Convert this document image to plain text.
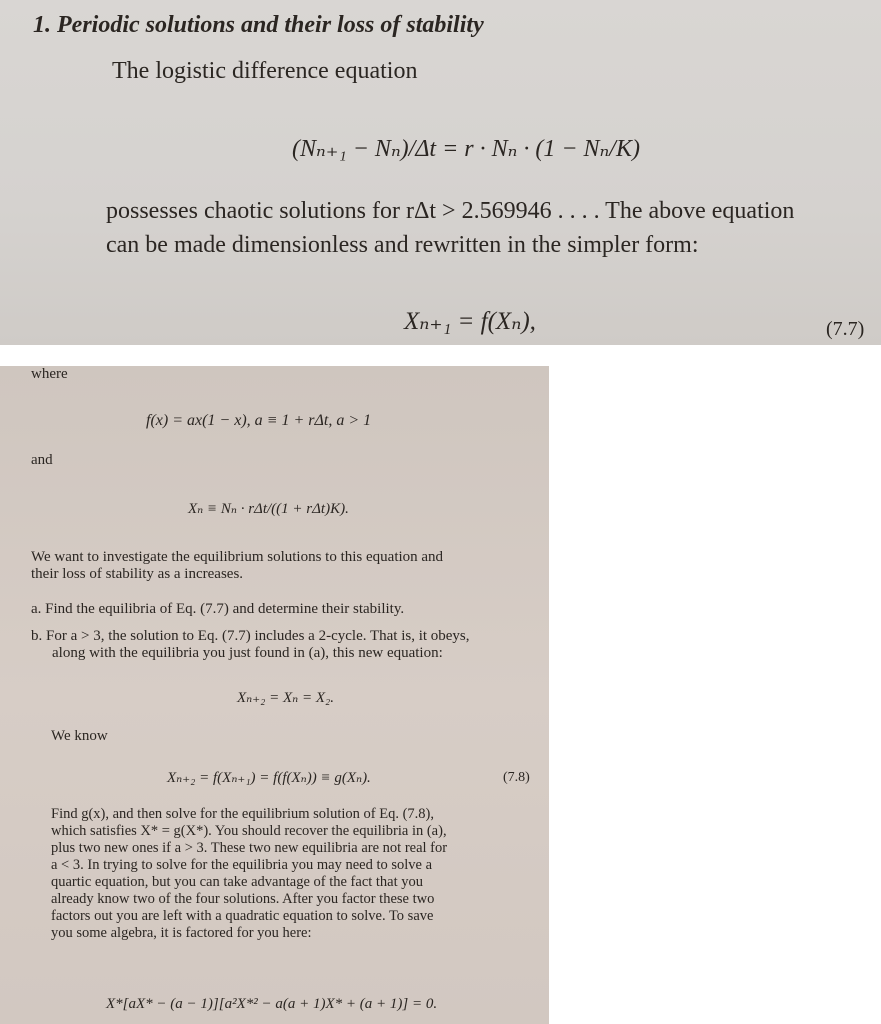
1. Periodic solutions and their loss of stability
The logistic difference equation
(Nₙ₊₁ − Nₙ)/Δt = r · Nₙ · (1 − Nₙ/K)
possesses chaotic solutions for rΔt > 2.569946 . . . . The above equation
can be made dimensionless and rewritten in the simpler form:
Xₙ₊₁ = f(Xₙ),	(7.7)
where
f(x) = ax(1 − x), a ≡ 1 + rΔt, a > 1
and
Xₙ ≡ Nₙ · rΔt/((1 + rΔt)K).
We want to investigate the equilibrium solutions to this equation and
their loss of stability as a increases.
a. Find the equilibria of Eq. (7.7) and determine their stability.
b. For a > 3, the solution to Eq. (7.7) includes a 2-cycle. That is, it obeys,
along with the equilibria you just found in (a), this new equation:
Xₙ₊₂ = Xₙ = X₂.
We know
Xₙ₊₂ = f(Xₙ₊₁) = f(f(Xₙ)) ≡ g(Xₙ).	(7.8)
Find g(x), and then solve for the equilibrium solution of Eq. (7.8),
which satisfies X* = g(X*). You should recover the equilibria in (a),
plus two new ones if a > 3. These two new equilibria are not real for
a < 3. In trying to solve for the equilibria you may need to solve a
quartic equation, but you can take advantage of the fact that you
already know two of the four solutions. After you factor these two
factors out you are left with a quadratic equation to solve. To save
you some algebra, it is factored for you here:
X*[aX* − (a − 1)][a²X*² − a(a + 1)X* + (a + 1)] = 0.
